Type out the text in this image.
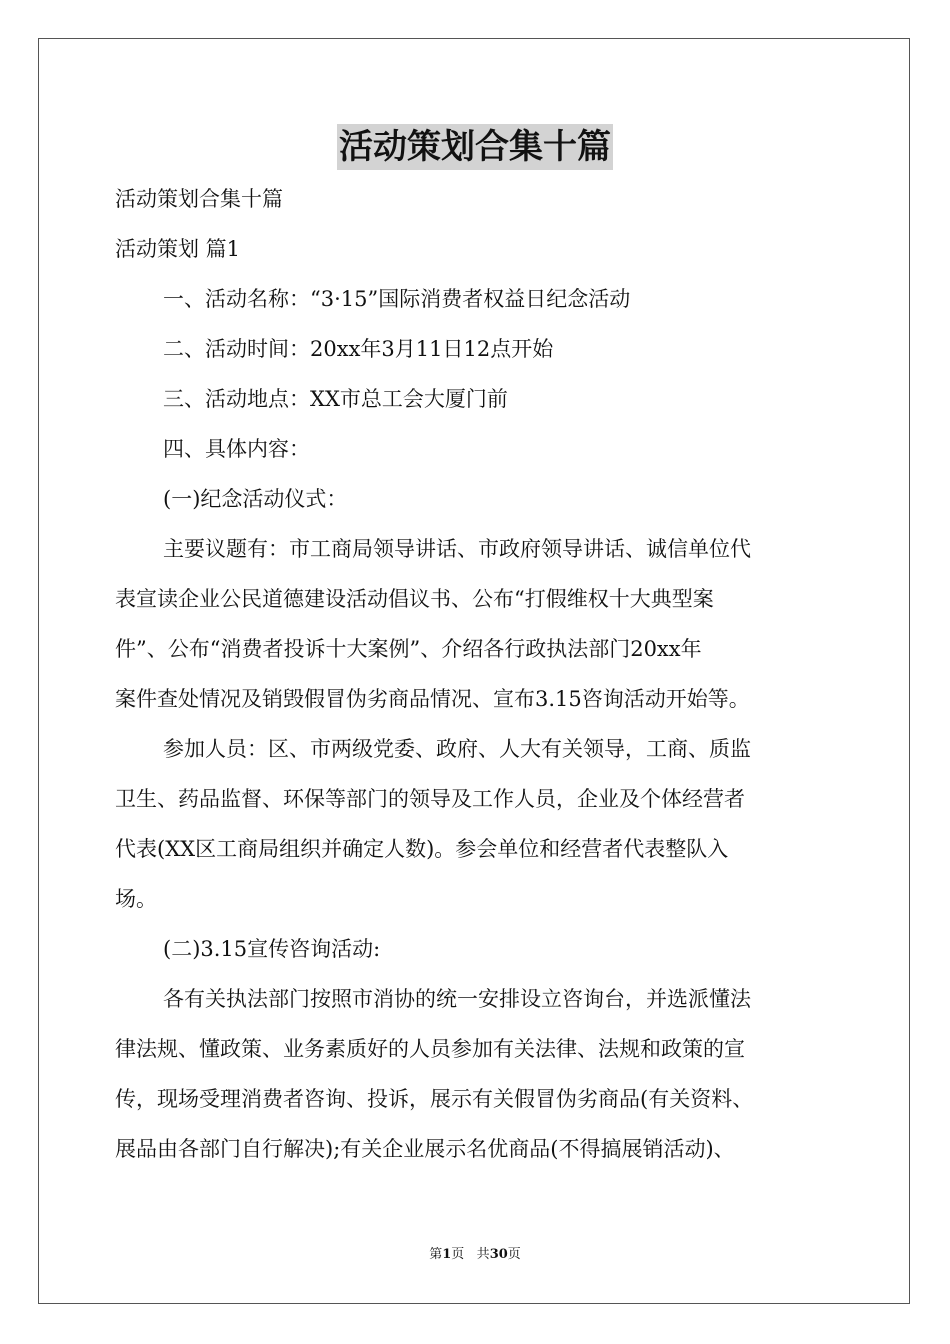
活动策划合集十篇

活动策划合集十篇

活动策划 篇1

一、活动名称：“3·15”国际消费者权益日纪念活动

二、活动时间：20xx年3月11日12点开始

三、活动地点：XX市总工会大厦门前

四、具体内容：

(一)纪念活动仪式：

主要议题有：市工商局领导讲话、市政府领导讲话、诚信单位代

表宣读企业公民道德建设活动倡议书、公布“打假维权十大典型案

件”、公布“消费者投诉十大案例”、介绍各行政执法部门20xx年

案件查处情况及销毁假冒伪劣商品情况、宣布3.15咨询活动开始等。

参加人员：区、市两级党委、政府、人大有关领导，工商、质监

卫生、药品监督、环保等部门的领导及工作人员，企业及个体经营者

代表(XX区工商局组织并确定人数)。参会单位和经营者代表整队入

场。

(二)3.15宣传咨询活动:

各有关执法部门按照市消协的统一安排设立咨询台，并选派懂法

律法规、懂政策、业务素质好的人员参加有关法律、法规和政策的宣

传，现场受理消费者咨询、投诉，展示有关假冒伪劣商品(有关资料、

展品由各部门自行解决);有关企业展示名优商品(不得搞展销活动)、

第1页 共30页
